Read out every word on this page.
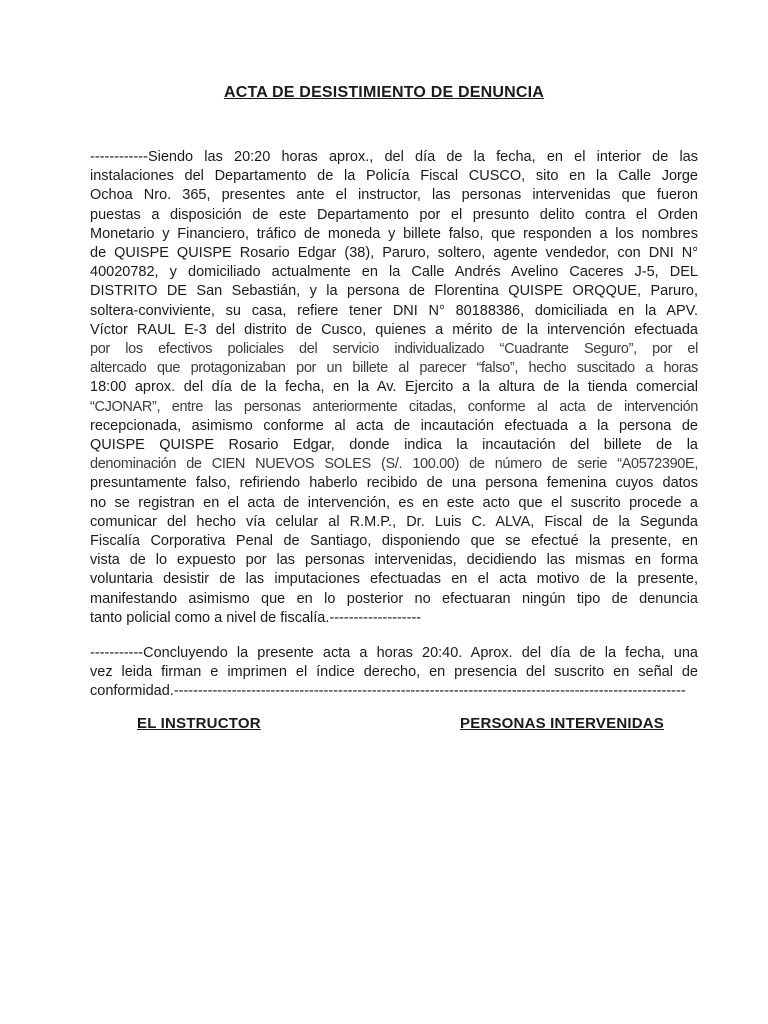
ACTA DE DESISTIMIENTO DE DENUNCIA
------------Siendo las 20:20 horas aprox., del día de la fecha, en el interior de las
instalaciones del Departamento de la Policía Fiscal CUSCO, sito en la Calle Jorge
Ochoa Nro. 365, presentes ante el instructor, las personas intervenidas que fueron
puestas a disposición de este Departamento por el presunto delito contra el Orden
Monetario y Financiero, tráfico de moneda y billete falso, que responden a los nombres
de QUISPE QUISPE Rosario Edgar (38), Paruro, soltero, agente vendedor, con DNI N°
40020782, y domiciliado actualmente en la Calle Andrés Avelino Caceres J-5, DEL
DISTRITO DE San Sebastián, y la persona de Florentina QUISPE ORQQUE, Paruro,
soltera-conviviente, su casa, refiere tener DNI N° 80188386, domiciliada en la APV.
Víctor RAUL E-3 del distrito de Cusco, quienes a mérito de la intervención efectuada
por los efectivos policiales del servicio individualizado “Cuadrante Seguro”, por el
altercado que protagonizaban por un billete al parecer “falso”, hecho suscitado a horas
18:00 aprox. del día de la fecha, en la Av. Ejercito a la altura de la tienda comercial
“CJONAR”, entre las personas anteriormente citadas, conforme al acta de intervención
recepcionada, asimismo conforme al acta de incautación efectuada a la persona de
QUISPE QUISPE Rosario Edgar, donde indica la incautación del billete de la
denominación de CIEN NUEVOS SOLES (S/. 100.00) de número de serie “A0572390E,
presuntamente falso, refiriendo haberlo recibido de una persona femenina cuyos datos
no se registran en el acta de intervención, es en este acto que el suscrito procede a
comunicar del hecho vía celular al R.M.P., Dr. Luis C. ALVA, Fiscal de la Segunda
Fiscalía Corporativa Penal de Santiago, disponiendo que se efectué la presente, en
vista de lo expuesto por las personas intervenidas, decidiendo las mismas en forma
voluntaria desistir de las imputaciones efectuadas en el acta motivo de la presente,
manifestando asimismo que en lo posterior no efectuaran ningún tipo de denuncia
tanto policial como a nivel de fiscalía.-------------------
-----------Concluyendo la presente acta a horas 20:40. Aprox. del día de la fecha, una
vez leida firman e imprimen el índice derecho, en presencia del suscrito en señal de
conformidad.----------------------------------------------------------------------------------------------------------
EL INSTRUCTOR	PERSONAS INTERVENIDAS
